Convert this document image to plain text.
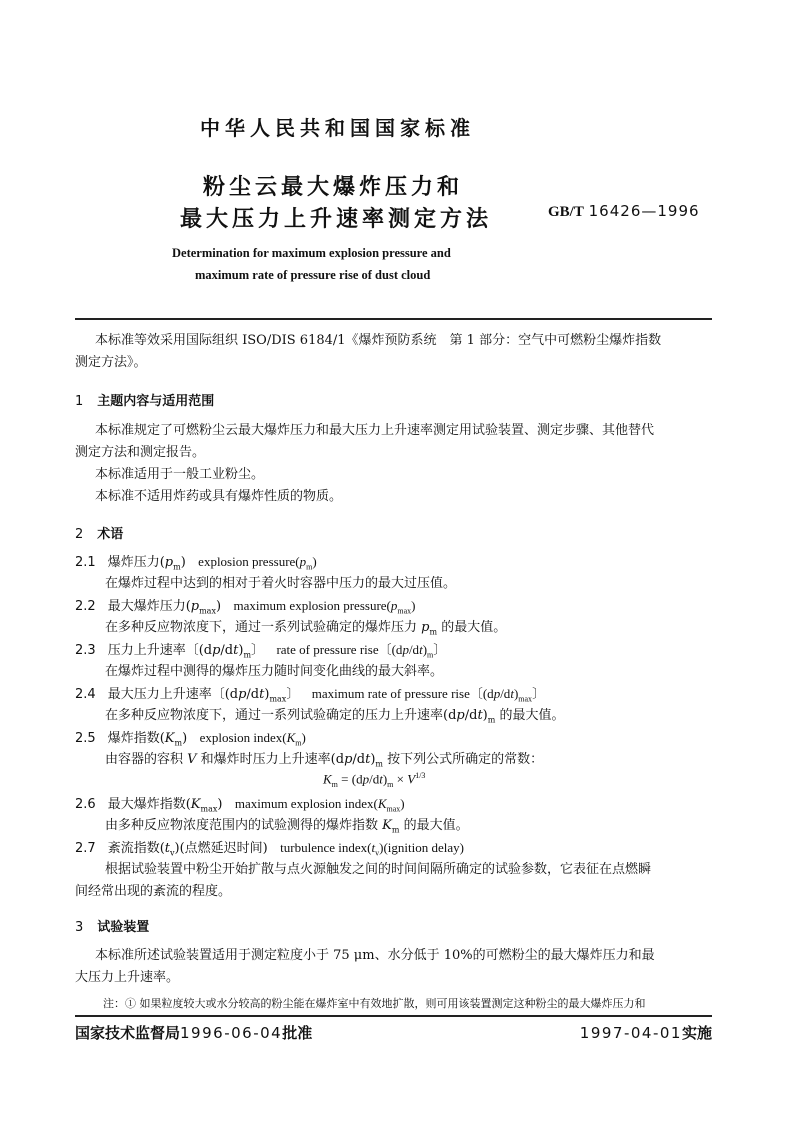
中华人民共和国国家标准
粉尘云最大爆炸压力和
最大压力上升速率测定方法	GB/T 16426—1996
Determination for maximum explosion pressure and
maximum rate of pressure rise of dust cloud
本标准等效采用国际组织 ISO/DIS 6184/1《爆炸预防系统　第 1 部分：空气中可燃粉尘爆炸指数
测定方法》。
1 主题内容与适用范围
本标准规定了可燃粉尘云最大爆炸压力和最大压力上升速率测定用试验装置、测定步骤、其他替代
测定方法和测定报告。
本标准适用于一般工业粉尘。
本标准不适用炸药或具有爆炸性质的物质。
2 术语
2.1 爆炸压力$(p_m)$ explosion $pressure(p_m)$
在爆炸过程中达到的相对于着火时容器中压力的最大过压值。
2.2 最大爆炸压力$(p_{max})$ maximum explosion $pressure(p_{max})$
在多种反应物浓度下，通过一系列试验确定的爆炸压力 $p_m$ 的最大值。
2.3 压力上升速率〔$(dp/dt)_m$〕 rate of pressure rise〔$(dp/dt)_m$〕
在爆炸过程中测得的爆炸压力随时间变化曲线的最大斜率。
2.4 最大压力上升速率〔$(dp/dt)_{max}$〕 maximum rate of pressure rise〔$(dp/dt)_{max}$〕
在多种反应物浓度下，通过一系列试验确定的压力上升速率$(dp/dt)_m$ 的最大值。
2.5 爆炸指数$(K_m)$ explosion $index(K_m)$
由容器的容积 V 和爆炸时压力上升速率$(dp/dt)_m$ 按下列公式所确定的常数：
$K_m = (dp/dt)_m \times V^{1/3}$
2.6 最大爆炸指数$(K_{max})$ maximum explosion $index(K_{max})$
由多种反应物浓度范围内的试验测得的爆炸指数 $K_m$ 的最大值。
2.7 紊流指数$(t_v)$(点燃延迟时间) turbulence $index(t_v)(ignition$ delay)
根据试验装置中粉尘开始扩散与点火源触发之间的时间间隔所确定的试验参数，它表征在点燃瞬
间经常出现的紊流的程度。
3 试验装置
本标准所述试验装置适用于测定粒度小于 75 μm、水分低于 10%的可燃粉尘的最大爆炸压力和最
大压力上升速率。
注：① 如果粒度较大或水分较高的粉尘能在爆炸室中有效地扩散，则可用该装置测定这种粉尘的最大爆炸压力和
国家技术监督局1996-06-04批准	1997-04-01实施
